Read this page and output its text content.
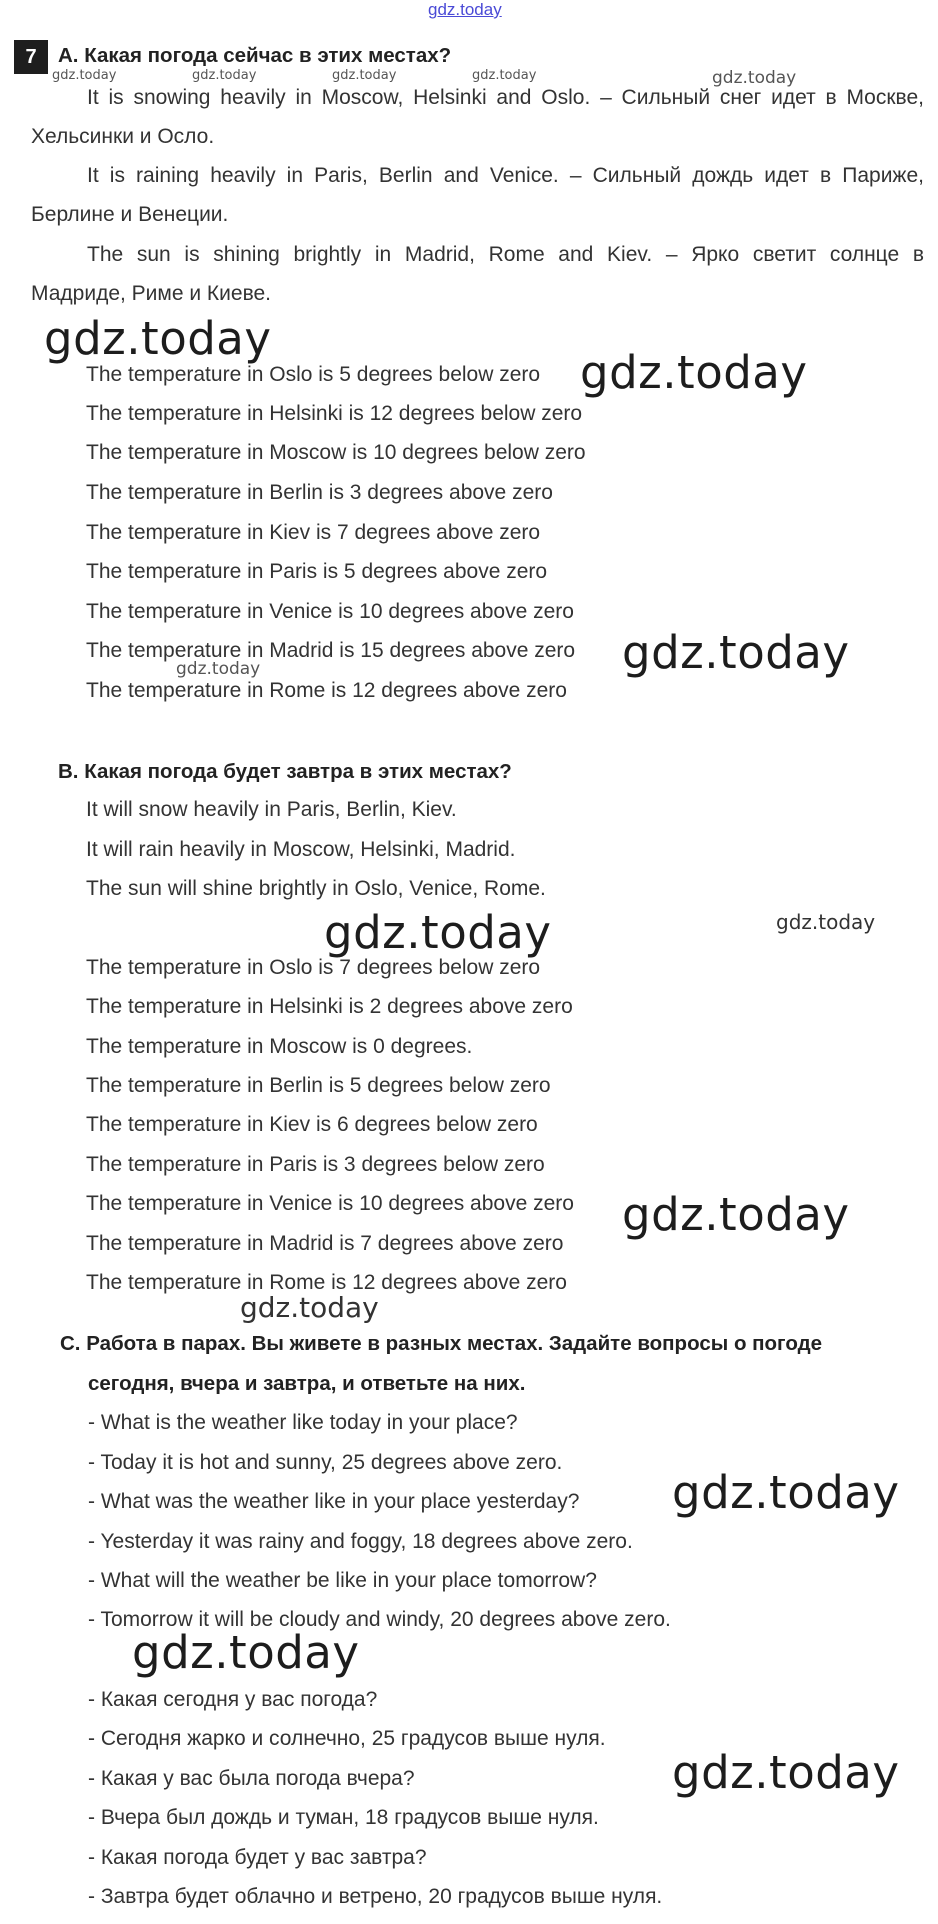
gdz.today
7	A. Какая погода сейчас в этих местах?
It is snowing heavily in Moscow, Helsinki and Oslo. – Сильный снег идет в Москве,
Хельсинки и Осло.
It is raining heavily in Paris, Berlin and Venice. – Сильный дождь идет в Париже,
Берлине и Венеции.
The sun is shining brightly in Madrid, Rome and Kiev. – Ярко светит солнце в
Мадриде, Риме и Киеве.
The temperature in Oslo is 5 degrees below zero
The temperature in Helsinki is 12 degrees below zero
The temperature in Moscow is 10 degrees below zero
The temperature in Berlin is 3 degrees above zero
The temperature in Kiev is 7 degrees above zero
The temperature in Paris is 5 degrees above zero
The temperature in Venice is 10 degrees above zero
The temperature in Madrid is 15 degrees above zero
The temperature in Rome is 12 degrees above zero
B. Какая погода будет завтра в этих местах?
It will snow heavily in Paris, Berlin, Kiev.
It will rain heavily in Moscow, Helsinki, Madrid.
The sun will shine brightly in Oslo, Venice, Rome.
The temperature in Oslo is 7 degrees below zero
The temperature in Helsinki is 2 degrees above zero
The temperature in Moscow is 0 degrees.
The temperature in Berlin is 5 degrees below zero
The temperature in Kiev is 6 degrees below zero
The temperature in Paris is 3 degrees below zero
The temperature in Venice is 10 degrees above zero
The temperature in Madrid is 7 degrees above zero
The temperature in Rome is 12 degrees above zero
C. Работа в парах. Вы живете в разных местах. Задайте вопросы о погоде
сегодня, вчера и завтра, и ответьте на них.
- What is the weather like today in your place?
- Today it is hot and sunny, 25 degrees above zero.
- What was the weather like in your place yesterday?
- Yesterday it was rainy and foggy, 18 degrees above zero.
- What will the weather be like in your place tomorrow?
- Tomorrow it will be cloudy and windy, 20 degrees above zero.
- Какая сегодня у вас погода?
- Сегодня жарко и солнечно, 25 градусов выше нуля.
- Какая у вас была погода вчера?
- Вчера был дождь и туман, 18 градусов выше нуля.
- Какая погода будет у вас завтра?
- Завтра будет облачно и ветрено, 20 градусов выше нуля.
gdz.today	gdz.today	gdz.today	gdz.today	gdz.today
gdz.today
gdz.today
gdz.today
gdz.today
gdz.today	gdz.today
gdz.today
gdz.today
gdz.today
gdz.today
gdz.today
